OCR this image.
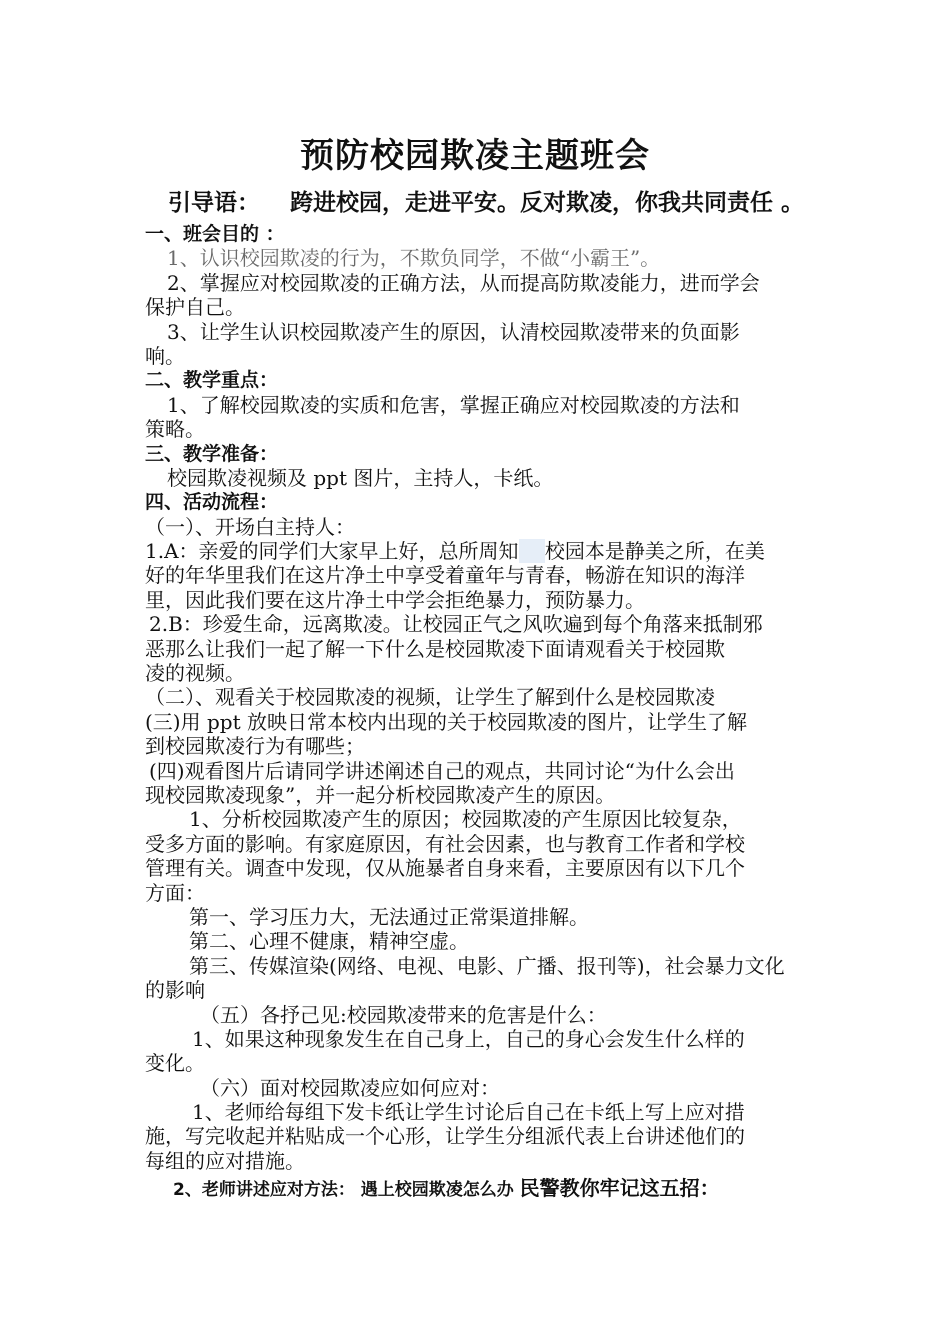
预防校园欺凌主题班会
引导语： 跨进校园，走进平安。反对欺凌，你我共同责任 。
一、班会目的 ：
1、认识校园欺凌的行为，不欺负同学，不做“小霸王”。
2、掌握应对校园欺凌的正确方法，从而提高防欺凌能力，进而学会
保护自己。
3、让学生认识校园欺凌产生的原因，认清校园欺凌带来的负面影
响。
二、教学重点：
1、了解校园欺凌的实质和危害，掌握正确应对校园欺凌的方法和
策略。
三、教学准备：
校园欺凌视频及 ppt 图片，主持人，卡纸。
四、活动流程：
（一）、开场白主持人：
1.A：亲爱的同学们大家早上好，总所周知 校园本是静美之所，在美
好的年华里我们在这片净土中享受着童年与青春，畅游在知识的海洋
里，因此我们要在这片净土中学会拒绝暴力，预防暴力。
2.B：珍爱生命，远离欺凌。让校园正气之风吹遍到每个角落来抵制邪
恶那么让我们一起了解一下什么是校园欺凌下面请观看关于校园欺
凌的视频。
（二）、观看关于校园欺凌的视频，让学生了解到什么是校园欺凌
(三)用 ppt 放映日常本校内出现的关于校园欺凌的图片，让学生了解
到校园欺凌行为有哪些；
(四)观看图片后请同学讲述阐述自己的观点，共同讨论“为什么会出
现校园欺凌现象”，并一起分析校园欺凌产生的原因。
1、分析校园欺凌产生的原因；校园欺凌的产生原因比较复杂，
受多方面的影响。有家庭原因，有社会因素，也与教育工作者和学校
管理有关。调查中发现，仅从施暴者自身来看，主要原因有以下几个
方面：
第一、学习压力大，无法通过正常渠道排解。
第二、心理不健康，精神空虚。
第三、传媒渲染(网络、电视、电影、广播、报刊等)，社会暴力文化
的影响
（五）各抒己见:校园欺凌带来的危害是什么：
1、如果这种现象发生在自己身上，自己的身心会发生什么样的
变化。
（六）面对校园欺凌应如何应对：
1、老师给每组下发卡纸让学生讨论后自己在卡纸上写上应对措
施，写完收起并粘贴成一个心形，让学生分组派代表上台讲述他们的
每组的应对措施。
2、老师讲述应对方法： 遇上校园欺凌怎么办 民警教你牢记这五招：
